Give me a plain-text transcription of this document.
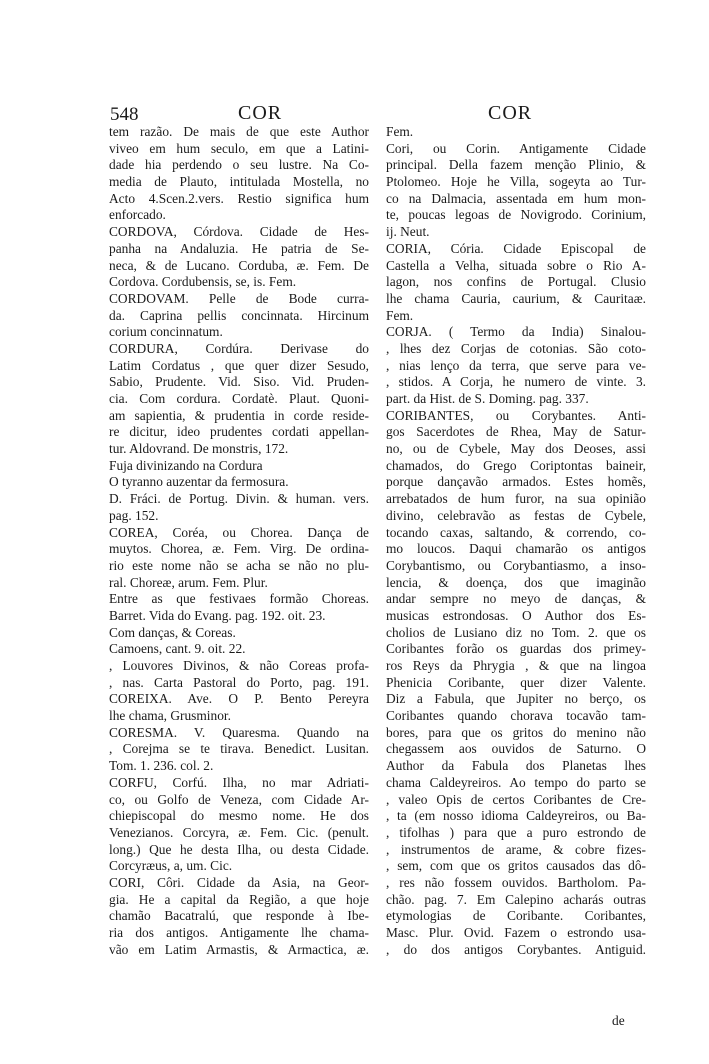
548	COR	COR
tem razão. De mais de que este Author
viveo em hum seculo, em que a Latini-
dade hia perdendo o seu lustre. Na Co-
media de Plauto, intitulada Mostella, no
Acto 4.Scen.2.vers. Restio significa hum
enforcado.
CORDOVA, Córdova. Cidade de Hes-
panha na Andaluzia. He patria de Se-
neca, & de Lucano. Corduba, æ. Fem. De
Cordova. Cordubensis, se, is. Fem.
CORDOVAM. Pelle de Bode curra-
da. Caprina pellis concinnata. Hircinum
corium concinnatum.
CORDURA, Cordúra. Derivase do
Latim Cordatus , que quer dizer Sesudo,
Sabio, Prudente. Vid. Siso. Vid. Pruden-
cia. Com cordura. Cordatè. Plaut. Quoni-
am sapientia, & prudentia in corde reside-
re dicitur, ideo prudentes cordati appellan-
tur. Aldovrand. De monstris, 172.
Fuja divinizando na Cordura
O tyranno auzentar da fermosura.
D. Fráci. de Portug. Divin. & human. vers.
pag. 152.
COREA, Coréa, ou Chorea. Dança de
muytos. Chorea, æ. Fem. Virg. De ordina-
rio este nome não se acha se não no plu-
ral. Choreæ, arum. Fem. Plur.
Entre as que festivaes formão Choreas.
Barret. Vida do Evang. pag. 192. oit. 23.
Com danças, & Coreas.
Camoens, cant. 9. oit. 22.
, Louvores Divinos, & não Coreas profa-
, nas. Carta Pastoral do Porto, pag. 191.
COREIXA. Ave. O P. Bento Pereyra
lhe chama, Grusminor.
CORESMA. V. Quaresma. Quando na
, Corejma se te tirava. Benedict. Lusitan.
Tom. 1. 236. col. 2.
CORFU, Corfú. Ilha, no mar Adriati-
co, ou Golfo de Veneza, com Cidade Ar-
chiepiscopal do mesmo nome. He dos
Venezianos. Corcyra, æ. Fem. Cic. (penult.
long.) Que he desta Ilha, ou desta Cidade.
Corcyræus, a, um. Cic.
CORI, Côri. Cidade da Asia, na Geor-
gia. He a capital da Região, a que hoje
chamão Bacatralú, que responde à Ibe-
ria dos antigos. Antigamente lhe chama-
vão em Latim Armastis, & Armactica, æ.
Fem.
Cori, ou Corin. Antigamente Cidade
principal. Della fazem menção Plinio, &
Ptolomeo. Hoje he Villa, sogeyta ao Tur-
co na Dalmacia, assentada em hum mon-
te, poucas legoas de Novigrodo. Corinium,
ij. Neut.
CORIA, Cória. Cidade Episcopal de
Castella a Velha, situada sobre o Rio A-
lagon, nos confins de Portugal. Clusio
lhe chama Cauria, caurium, & Cauritaæ.
Fem.
CORJA. ( Termo da India) Sinalou-
, lhes dez Corjas de cotonias. São coto-
, nias lenço da terra, que serve para ve-
, stidos. A Corja, he numero de vinte. 3.
part. da Hist. de S. Doming. pag. 337.
CORIBANTES, ou Corybantes. Anti-
gos Sacerdotes de Rhea, May de Satur-
no, ou de Cybele, May dos Deoses, assi
chamados, do Grego Coriptontas baineir,
porque dançavão armados. Estes homẽs,
arrebatados de hum furor, na sua opinião
divino, celebravão as festas de Cybele,
tocando caxas, saltando, & correndo, co-
mo loucos. Daqui chamarão os antigos
Corybantismo, ou Corybantiasmo, a inso-
lencia, & doença, dos que imaginão
andar sempre no meyo de danças, &
musicas estrondosas. O Author dos Es-
cholios de Lusiano diz no Tom. 2. que os
Coribantes forão os guardas dos primey-
ros Reys da Phrygia , & que na lingoa
Phenicia Coribante, quer dizer Valente.
Diz a Fabula, que Jupiter no berço, os
Coribantes quando chorava tocavão tam-
bores, para que os gritos do menino não
chegassem aos ouvidos de Saturno. O
Author da Fabula dos Planetas lhes
chama Caldeyreiros. Ao tempo do parto se
, valeo Opis de certos Coribantes de Cre-
, ta (em nosso idioma Caldeyreiros, ou Ba-
, tifolhas ) para que a puro estrondo de
, instrumentos de arame, & cobre fizes-
, sem, com que os gritos causados das dô-
, res não fossem ouvidos. Bartholom. Pa-
chão. pag. 7. Em Calepino acharás outras
etymologias de Coribante. Coribantes,
Masc. Plur. Ovid. Fazem o estrondo usa-
, do dos antigos Corybantes. Antiguid.
de
